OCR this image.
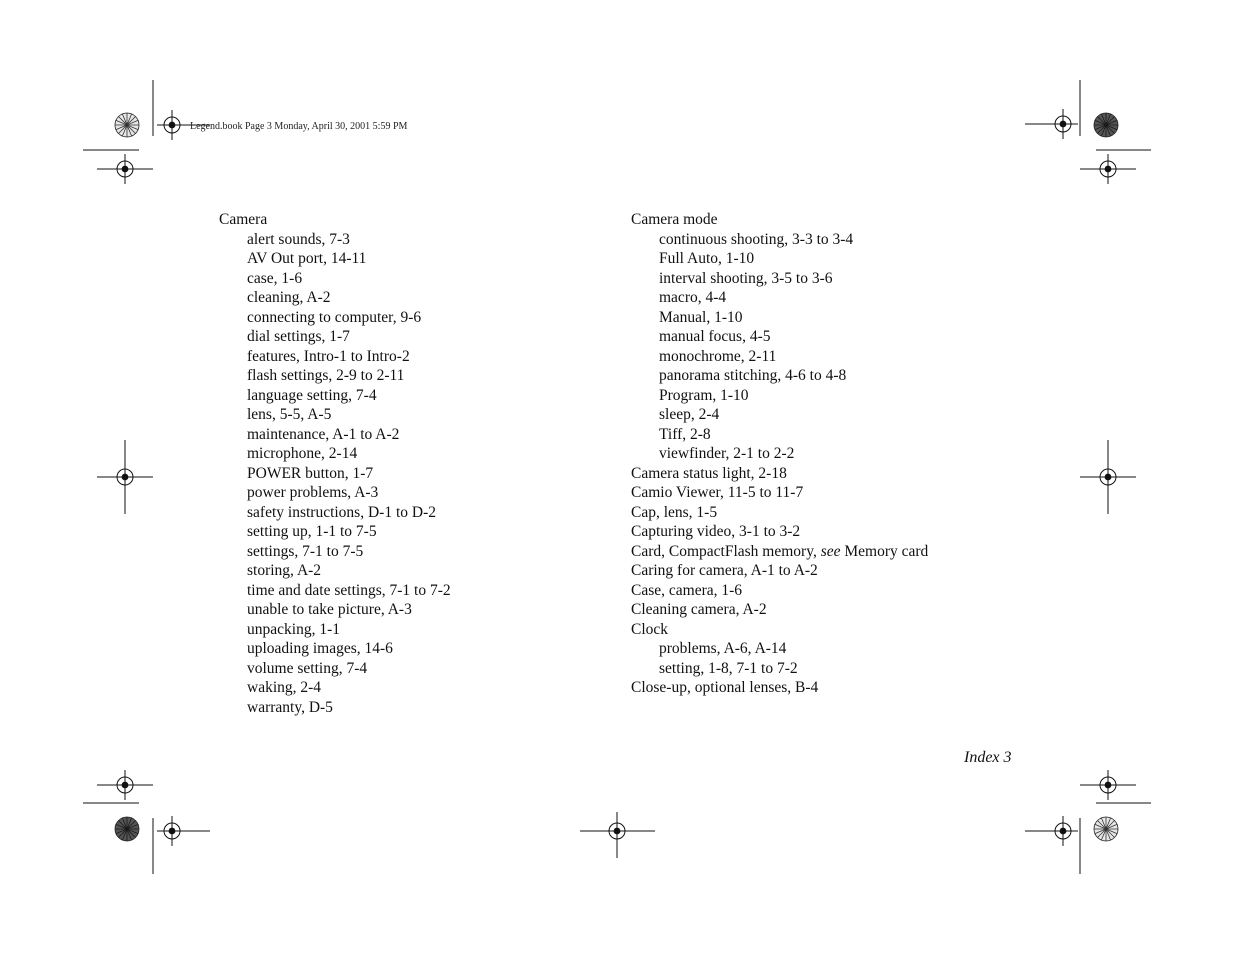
Legend.book Page 3 Monday, April 30, 2001 5:59 PM
Camera
alert sounds, 7-3
AV Out port, 14-11
case, 1-6
cleaning, A-2
connecting to computer, 9-6
dial settings, 1-7
features, Intro-1 to Intro-2
flash settings, 2-9 to 2-11
language setting, 7-4
lens, 5-5, A-5
maintenance, A-1 to A-2
microphone, 2-14
POWER button, 1-7
power problems, A-3
safety instructions, D-1 to D-2
setting up, 1-1 to 7-5
settings, 7-1 to 7-5
storing, A-2
time and date settings, 7-1 to 7-2
unable to take picture, A-3
unpacking, 1-1
uploading images, 14-6
volume setting, 7-4
waking, 2-4
warranty, D-5
Camera mode
continuous shooting, 3-3 to 3-4
Full Auto, 1-10
interval shooting, 3-5 to 3-6
macro, 4-4
Manual, 1-10
manual focus, 4-5
monochrome, 2-11
panorama stitching, 4-6 to 4-8
Program, 1-10
sleep, 2-4
Tiff, 2-8
viewfinder, 2-1 to 2-2
Camera status light, 2-18
Camio Viewer, 11-5 to 11-7
Cap, lens, 1-5
Capturing video, 3-1 to 3-2
Card, CompactFlash memory, see Memory card
Caring for camera, A-1 to A-2
Case, camera, 1-6
Cleaning camera, A-2
Clock
problems, A-6, A-14
setting, 1-8, 7-1 to 7-2
Close-up, optional lenses, B-4
Index 3
